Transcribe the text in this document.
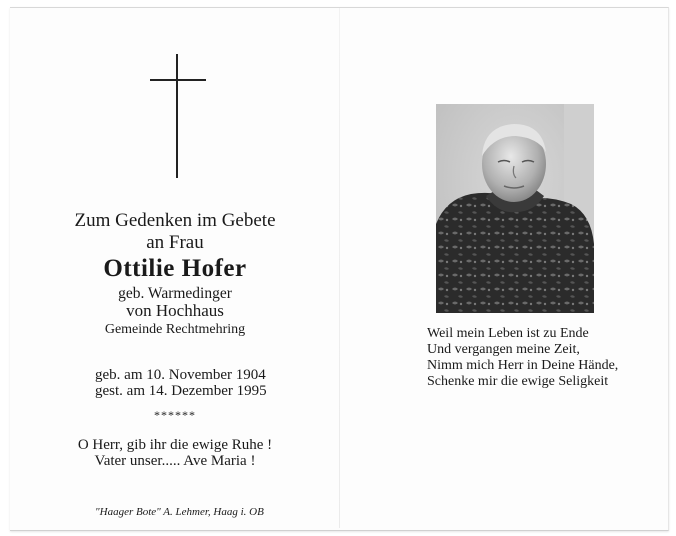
Zum Gedenken im Gebete
an Frau
Ottilie Hofer
geb. Warmedinger
von Hochhaus
Gemeinde Rechtmehring
geb. am 10. November 1904
gest. am 14. Dezember 1995
******
O Herr, gib ihr die ewige Ruhe !
Vater unser..... Ave Maria !
"Haager Bote" A. Lehmer, Haag i. OB
Weil mein Leben ist zu Ende
Und vergangen meine Zeit,
Nimm mich Herr in Deine Hände,
Schenke mir die ewige Seligkeit
